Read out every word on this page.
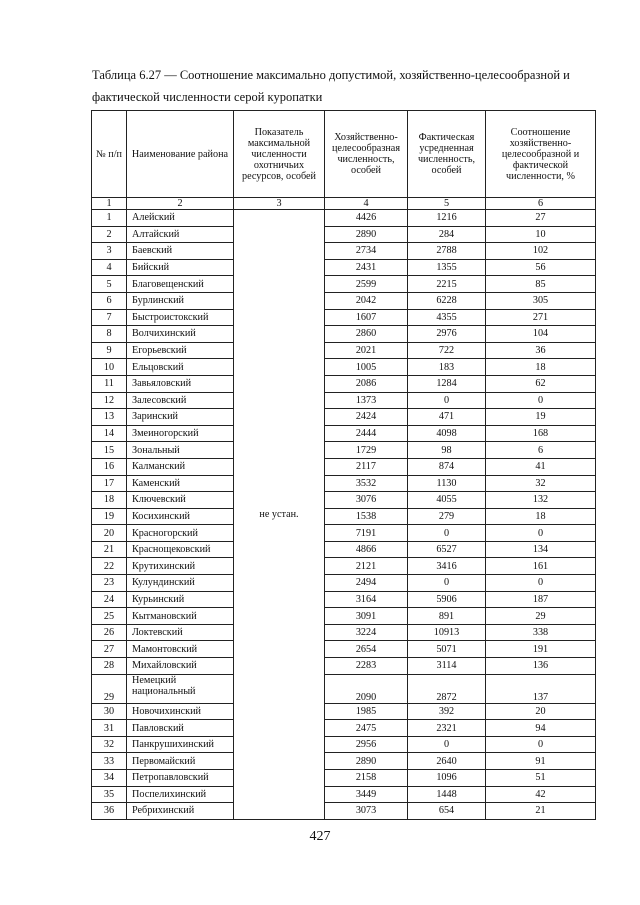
Таблица 6.27 — Соотношение максимально допустимой, хозяйственно-целесообразной и
фактической численности серой куропатки
№ п/п	Наименование района	Показатель максимальной численности охотничьих ресурсов, особей	Хозяйственно-целесообразная численность, особей	Фактическая усредненная численность, особей	Соотношение хозяйственно-целесообразной и фактической численности, %
1	2	3	4	5	6
1	Алейский	не устан.	4426	1216	27
2	Алтайский		2890	284	10
3	Баевский		2734	2788	102
4	Бийский		2431	1355	56
5	Благовещенский		2599	2215	85
6	Бурлинский		2042	6228	305
7	Быстроистокский		1607	4355	271
8	Волчихинский		2860	2976	104
9	Егорьевский		2021	722	36
10	Ельцовский		1005	183	18
11	Завьяловский		2086	1284	62
12	Залесовский		1373	0	0
13	Заринский		2424	471	19
14	Змеиногорский		2444	4098	168
15	Зональный		1729	98	6
16	Калманский		2117	874	41
17	Каменский		3532	1130	32
18	Ключевский		3076	4055	132
19	Косихинский		1538	279	18
20	Красногорский		7191	0	0
21	Краснощековский		4866	6527	134
22	Крутихинский		2121	3416	161
23	Кулундинский		2494	0	0
24	Курьинский		3164	5906	187
25	Кытмановский		3091	891	29
26	Локтевский		3224	10913	338
27	Мамонтовский		2654	5071	191
28	Михайловский		2283	3114	136
29	Немецкий национальный		2090	2872	137
30	Новочихинский		1985	392	20
31	Павловский		2475	2321	94
32	Панкрушихинский		2956	0	0
33	Первомайский		2890	2640	91
34	Петропавловский		2158	1096	51
35	Поспелихинский		3449	1448	42
36	Ребрихинский		3073	654	21
427
